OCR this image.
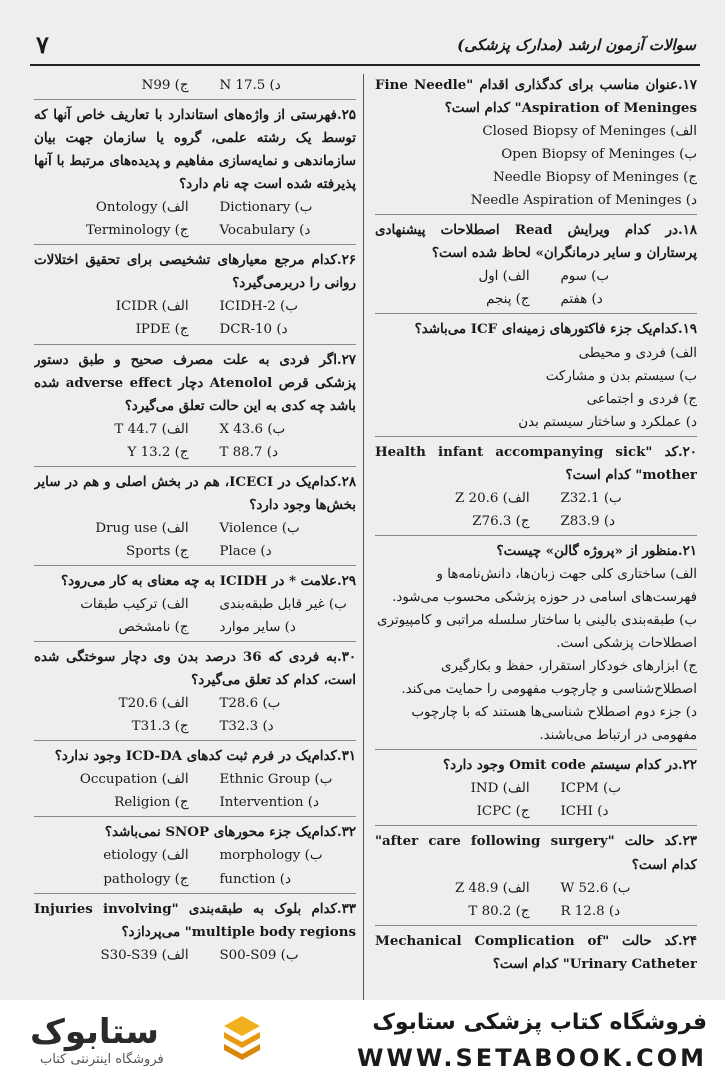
سوالات آزمون ارشد (مدارک پزشکی)
۷

۱۷.عنوان مناسب برای کدگذاری اقدام "Fine Needle Aspiration of Meninges" کدام است؟

الف) Closed Biopsy of Meninges

ب) Open Biopsy of Meninges

ج) Needle Biopsy of Meninges

د) Needle Aspiration of Meninges

۱۸.در کدام ویرایش Read اصطلاحات پیشنهادی پرستاران و سایر درمانگران» لحاظ شده است؟

الف) اول	ب) سوم
ج) پنجم	د) هفتم

۱۹.کدام‌یک جزء فاکتورهای زمینه‌ای ICF می‌باشد؟

الف) فردی و محیطی

ب) سیستم بدن و مشارکت

ج) فردی و اجتماعی

د) عملکرد و ساختار سیستم بدن

۲۰.کد "Health infant accompanying sick mother" کدام است؟

الف) Z 20.6	ب) Z32.1
ج) Z76.3	د) Z83.9

۲۱.منظور از «پروژه گالن» چیست؟

الف) ساختاری کلی جهت زبان‌ها، دانش‌نامه‌ها و فهرست‌های اسامی در حوزه پزشکی محسوب می‌شود.

ب) طبقه‌بندی بالینی با ساختار سلسله مراتبی و کامپیوتری اصطلاحات پزشکی است.

ج) ابزارهای خودکار استقرار، حفظ و بکارگیری اصطلاح‌شناسی و چارچوب مفهومی را حمایت می‌کند.

د) جزء دوم اصطلاح شناسی‌ها هستند که با چارچوب مفهومی در ارتباط می‌باشند.

۲۲.در کدام سیستم Omit code وجود دارد؟

الف) IND	ب) ICPM
ج) ICPC	د) ICHI

۲۳.کد حالت "after care following surgery" کدام است؟

الف) Z 48.9	ب) W 52.6
ج) T 80.2	د) R 12.8

۲۴.کد حالت "Mechanical Complication of Urinary Catheter" کدام است؟

ج) N99	د) N 17.5

۲۵.فهرستی از واژه‌های استاندارد با تعاریف خاص آنها که توسط یک رشته علمی، گروه یا سازمان جهت بیان سازماندهی و نمایه‌سازی مفاهیم و پدیده‌های مرتبط با آنها پذیرفته شده است چه نام دارد؟

الف) Ontology	ب) Dictionary
ج) Terminology	د) Vocabulary

۲۶.کدام مرجع معیارهای تشخیصی برای تحقیق اختلالات روانی را دربرمی‌گیرد؟

الف) ICIDR	ب) ICIDH-2
ج) IPDE	د) DCR-10

۲۷.اگر فردی به علت مصرف صحیح و طبق دستور پزشکی قرص Atenolol دچار adverse effect شده باشد چه کدی به این حالت تعلق می‌گیرد؟

الف) T 44.7	ب) X 43.6
ج) Y 13.2	د) T 88.7

۲۸.کدام‌یک در ICECI، هم در بخش اصلی و هم در سایر بخش‌ها وجود دارد؟

الف) Drug use	ب) Violence
ج) Sports	د) Place

۲۹.علامت * در ICIDH به چه معنای به کار می‌رود؟

الف) ترکیب طبقات	ب) غیر قابل طبقه‌بندی
ج) نامشخص	د) سایر موارد

۳۰.به فردی که 36 درصد بدن وی دچار سوختگی شده است، کدام کد تعلق می‌گیرد؟

الف) T20.6	ب) T28.6
ج) T31.3	د) T32.3

۳۱.کدام‌یک در فرم ثبت کدهای ICD-DA وجود ندارد؟

الف) Occupation	ب) Ethnic Group
ج) Religion	د) Intervention

۳۲.کدام‌یک جزء محورهای SNOP نمی‌باشد؟

الف) etiology	ب) morphology
ج) pathology	د) function

۳۳.کدام بلوک به طبقه‌بندی "Injuries involving multiple body regions" می‌پردازد؟

الف) S30-S39	ب) S00-S09
ستابوک
فروشگاه اینترنتی کتاب
فروشگاه کتاب پزشکی ستابوک
WWW.SETABOOK.COM
